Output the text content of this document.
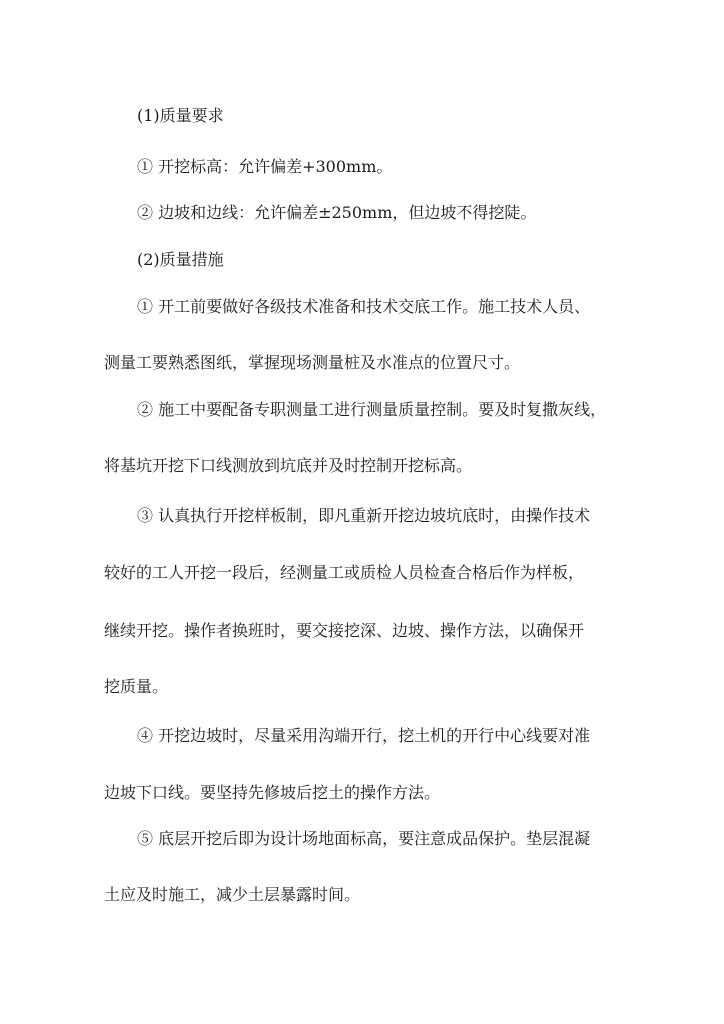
(1)质量要求
① 开挖标高：允许偏差+300mm。
② 边坡和边线：允许偏差±250mm，但边坡不得挖陡。
(2)质量措施
① 开工前要做好各级技术准备和技术交底工作。施工技术人员、
测量工要熟悉图纸，掌握现场测量桩及水准点的位置尺寸。
② 施工中要配备专职测量工进行测量质量控制。要及时复撒灰线，
将基坑开挖下口线测放到坑底并及时控制开挖标高。
③ 认真执行开挖样板制，即凡重新开挖边坡坑底时，由操作技术
较好的工人开挖一段后，经测量工或质检人员检查合格后作为样板，
继续开挖。操作者换班时，要交接挖深、边坡、操作方法，以确保开
挖质量。
④ 开挖边坡时，尽量采用沟端开行，挖土机的开行中心线要对准
边坡下口线。要坚持先修坡后挖土的操作方法。
⑤ 底层开挖后即为设计场地面标高，要注意成品保护。垫层混凝
土应及时施工，减少土层暴露时间。
